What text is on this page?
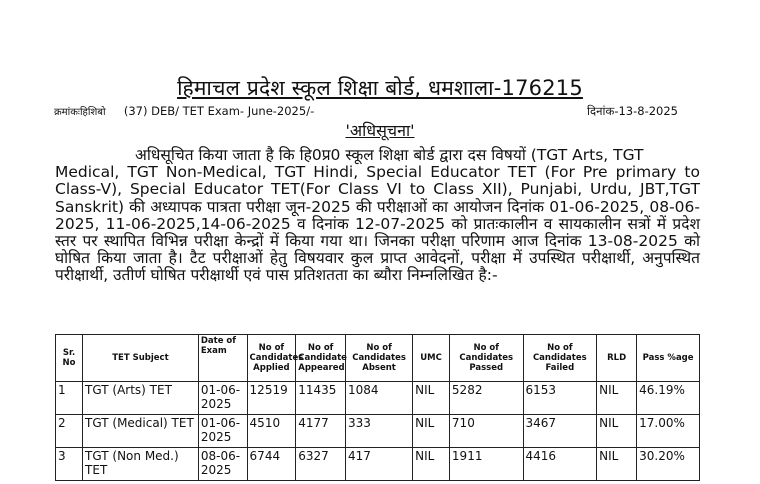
हिमाचल प्रदेश स्कूल शिक्षा बोर्ड, धमशाला-176215
क्रमांकःहिशिबो (37) DEB/ TET Exam- June-2025/-	दिनांक-13-8-2025
'अधिसूचना'
अधिसूचित किया जाता है कि हि0प्र0 स्कूल शिक्षा बोर्ड द्वारा दस विषयों (TGT Arts, TGT
Medical, TGT Non-Medical, TGT Hindi, Special Educator TET (For Pre primary to Class-V), Special Educator TET(For Class VI to Class XII), Punjabi, Urdu, JBT,TGT Sanskrit) की अध्यापक पात्रता परीक्षा जून-2025 की परीक्षाओं का आयोजन दिनांक 01-06-2025, 08-06-2025, 11-06-2025,14-06-2025 व दिनांक 12-07-2025 को प्रातःकालीन व सायकालीन सत्रों में प्रदेश स्तर पर स्थापित विभिन्न परीक्षा केन्द्रों में किया गया था। जिनका परीक्षा परिणाम आज दिनांक 13-08-2025 को घोषित किया जाता है। टैट परीक्षाओं हेतु विषयवार कुल प्राप्त आवेदनों, परीक्षा में उपस्थित परीक्षार्थी, अनुपस्थित परीक्षार्थी, उतीर्ण घोषित परीक्षार्थी एवं पास प्रतिशतता का ब्यौरा निम्नलिखित है:-
Sr. No	TET Subject	Date of Exam	No of Candidates Applied	No of Candidate Appeared	No of Candidates Absent	UMC	No of Candidates Passed	No of Candidates Failed	RLD	Pass %age
1	TGT (Arts) TET	01-06-2025	12519	11435	1084	NIL	5282	6153	NIL	46.19%
2	TGT (Medical) TET	01-06-2025	4510	4177	333	NIL	710	3467	NIL	17.00%
3	TGT (Non Med.) TET	08-06-2025	6744	6327	417	NIL	1911	4416	NIL	30.20%
